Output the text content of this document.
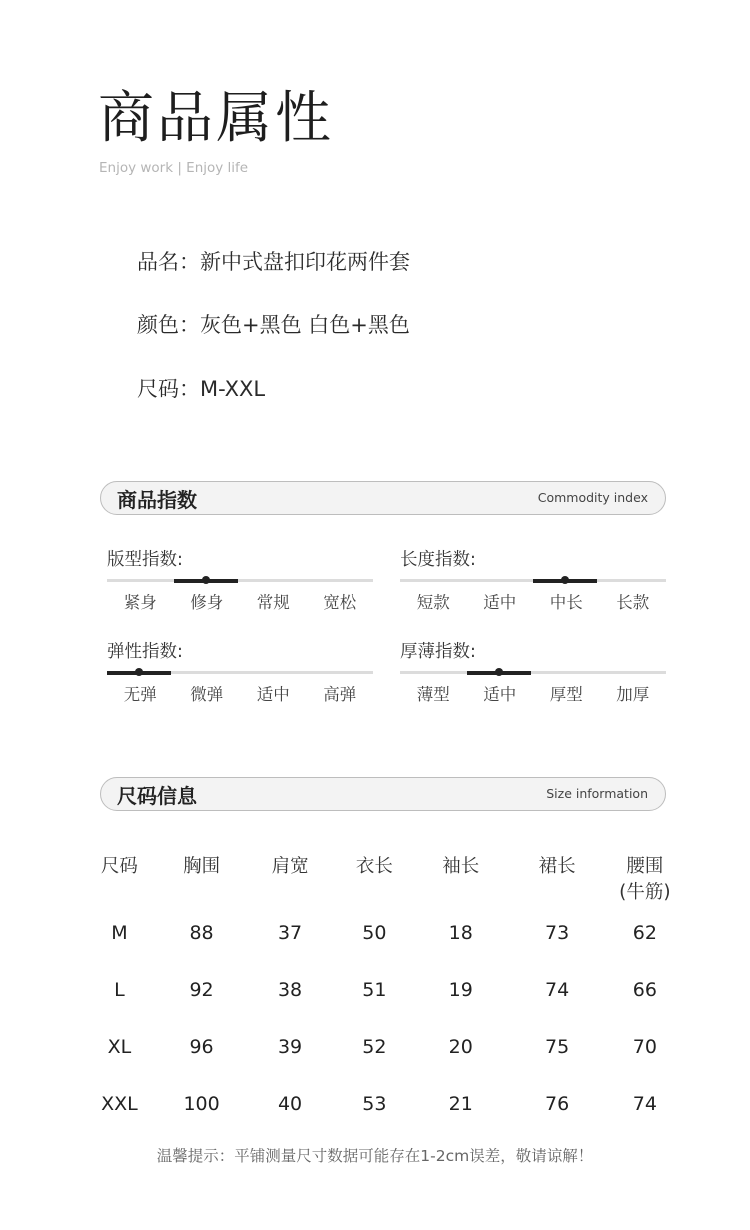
商品属性
Enjoy work | Enjoy life
品名：新中式盘扣印花两件套
颜色：灰色+黑色 白色+黑色
尺码：M-XXL
商品指数	Commodity index
版型指数:
紧身	修身	常规	宽松
长度指数:
短款	适中	中长	长款
弹性指数:
无弹	微弹	适中	高弹
厚薄指数:
薄型	适中	厚型	加厚
尺码信息	Size information
尺码	胸围	肩宽	衣长	袖长	裙长	腰围
(牛筋)
M	88	37	50	18	73	62
L	92	38	51	19	74	66
XL	96	39	52	20	75	70
XXL	100	40	53	21	76	74
温馨提示：平铺测量尺寸数据可能存在1-2cm误差，敬请谅解！
